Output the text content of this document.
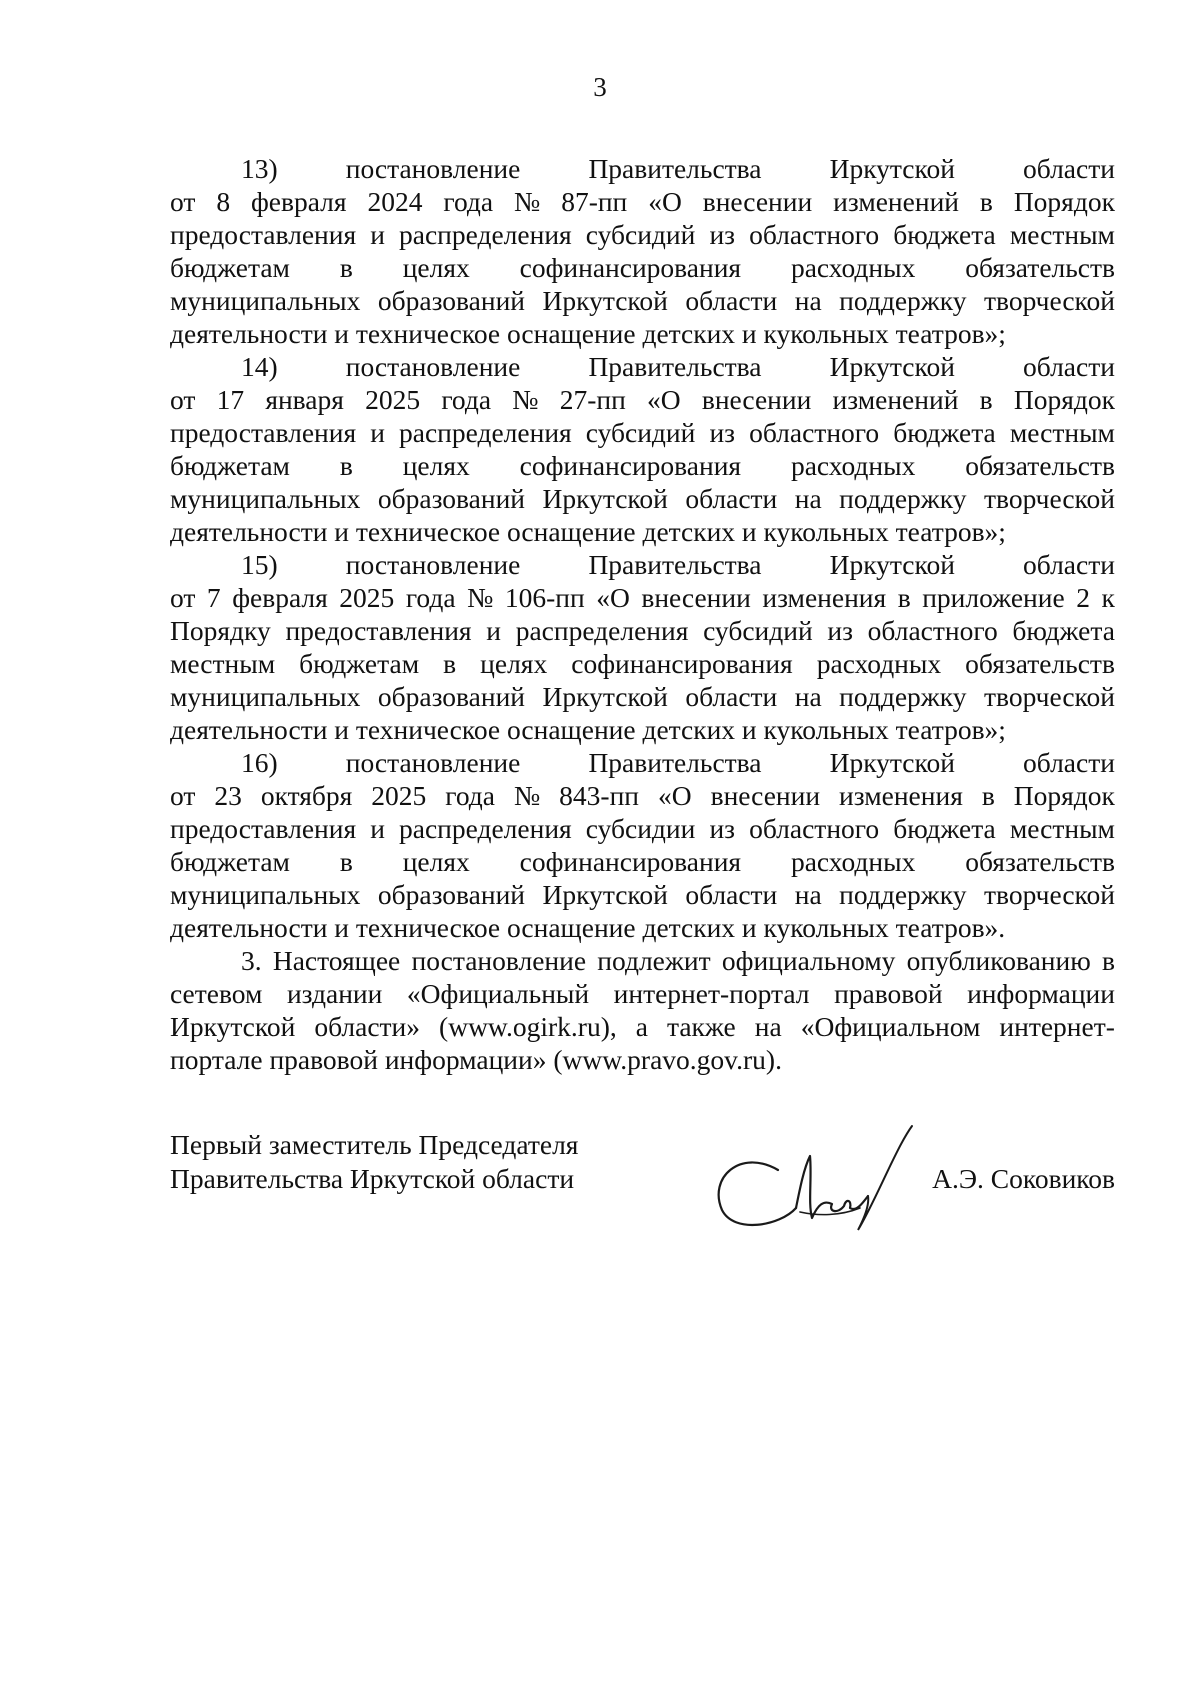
3
13) постановление Правительства Иркутской области
от 8 февраля 2024 года № 87-пп «О внесении изменений в Порядок
предоставления и распределения субсидий из областного бюджета местным
бюджетам в целях софинансирования расходных обязательств
муниципальных образований Иркутской области на поддержку творческой
деятельности и техническое оснащение детских и кукольных театров»;
14) постановление Правительства Иркутской области
от 17 января 2025 года № 27-пп «О внесении изменений в Порядок
предоставления и распределения субсидий из областного бюджета местным
бюджетам в целях софинансирования расходных обязательств
муниципальных образований Иркутской области на поддержку творческой
деятельности и техническое оснащение детских и кукольных театров»;
15) постановление Правительства Иркутской области
от 7 февраля 2025 года № 106-пп «О внесении изменения в приложение 2 к
Порядку предоставления и распределения субсидий из областного бюджета
местным бюджетам в целях софинансирования расходных обязательств
муниципальных образований Иркутской области на поддержку творческой
деятельности и техническое оснащение детских и кукольных театров»;
16) постановление Правительства Иркутской области
от 23 октября 2025 года № 843-пп «О внесении изменения в Порядок
предоставления и распределения субсидии из областного бюджета местным
бюджетам в целях софинансирования расходных обязательств
муниципальных образований Иркутской области на поддержку творческой
деятельности и техническое оснащение детских и кукольных театров».
3. Настоящее постановление подлежит официальному опубликованию в
сетевом издании «Официальный интернет-портал правовой информации
Иркутской области» (www.ogirk.ru), а также на «Официальном интернет-
портале правовой информации» (www.pravo.gov.ru).
Первый заместитель Председателя
Правительства Иркутской области	А.Э. Соковиков
